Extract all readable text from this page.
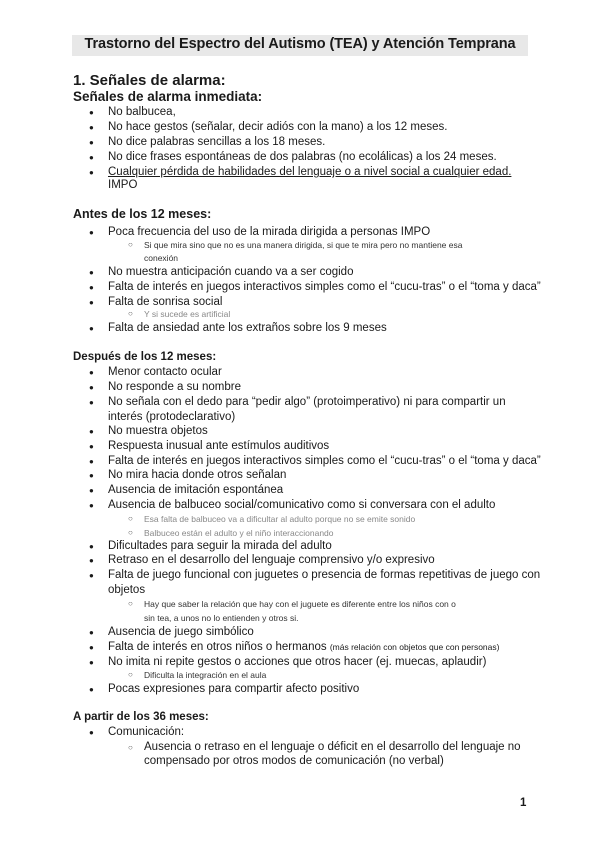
Trastorno del Espectro del Autismo (TEA) y Atención Temprana
1. Señales de alarma:
Señales de alarma inmediata:
● No balbucea,
● No hace gestos (señalar, decir adiós con la mano) a los 12 meses.
● No dice palabras sencillas a los 18 meses.
● No dice frases espontáneas de dos palabras (no ecolálicas) a los 24 meses.
● Cualquier pérdida de habilidades del lenguaje o a nivel social a cualquier edad.
IMPO
Antes de los 12 meses:
● Poca frecuencia del uso de la mirada dirigida a personas IMPO
○ Si que mira sino que no es una manera dirigida, si que te mira pero no mantiene esa
conexión
● No muestra anticipación cuando va a ser cogido
● Falta de interés en juegos interactivos simples como el “cucu-tras” o el “toma y daca”
● Falta de sonrisa social
○ Y si sucede es artificial
● Falta de ansiedad ante los extraños sobre los 9 meses
Después de los 12 meses:
● Menor contacto ocular
● No responde a su nombre
● No señala con el dedo para “pedir algo” (protoimperativo) ni para compartir un
interés (protodeclarativo)
● No muestra objetos
● Respuesta inusual ante estímulos auditivos
● Falta de interés en juegos interactivos simples como el “cucu-tras” o el “toma y daca”
● No mira hacia donde otros señalan
● Ausencia de imitación espontánea
● Ausencia de balbuceo social/comunicativo como si conversara con el adulto
○ Esa falta de balbuceo va a dificultar al adulto porque no se emite sonido
○ Balbuceo están el adulto y el niño interaccionando
● Dificultades para seguir la mirada del adulto
● Retraso en el desarrollo del lenguaje comprensivo y/o expresivo
● Falta de juego funcional con juguetes o presencia de formas repetitivas de juego con
objetos
○ Hay que saber la relación que hay con el juguete es diferente entre los niños con o
sin tea, a unos no lo entienden y otros si.
● Ausencia de juego simbólico
● Falta de interés en otros niños o hermanos (más relación con objetos que con personas)
● No imita ni repite gestos o acciones que otros hacer (ej. muecas, aplaudir)
○ Dificulta la integración en el aula
● Pocas expresiones para compartir afecto positivo
A partir de los 36 meses:
● Comunicación:
○ Ausencia o retraso en el lenguaje o déficit en el desarrollo del lenguaje no
compensado por otros modos de comunicación (no verbal)
1
